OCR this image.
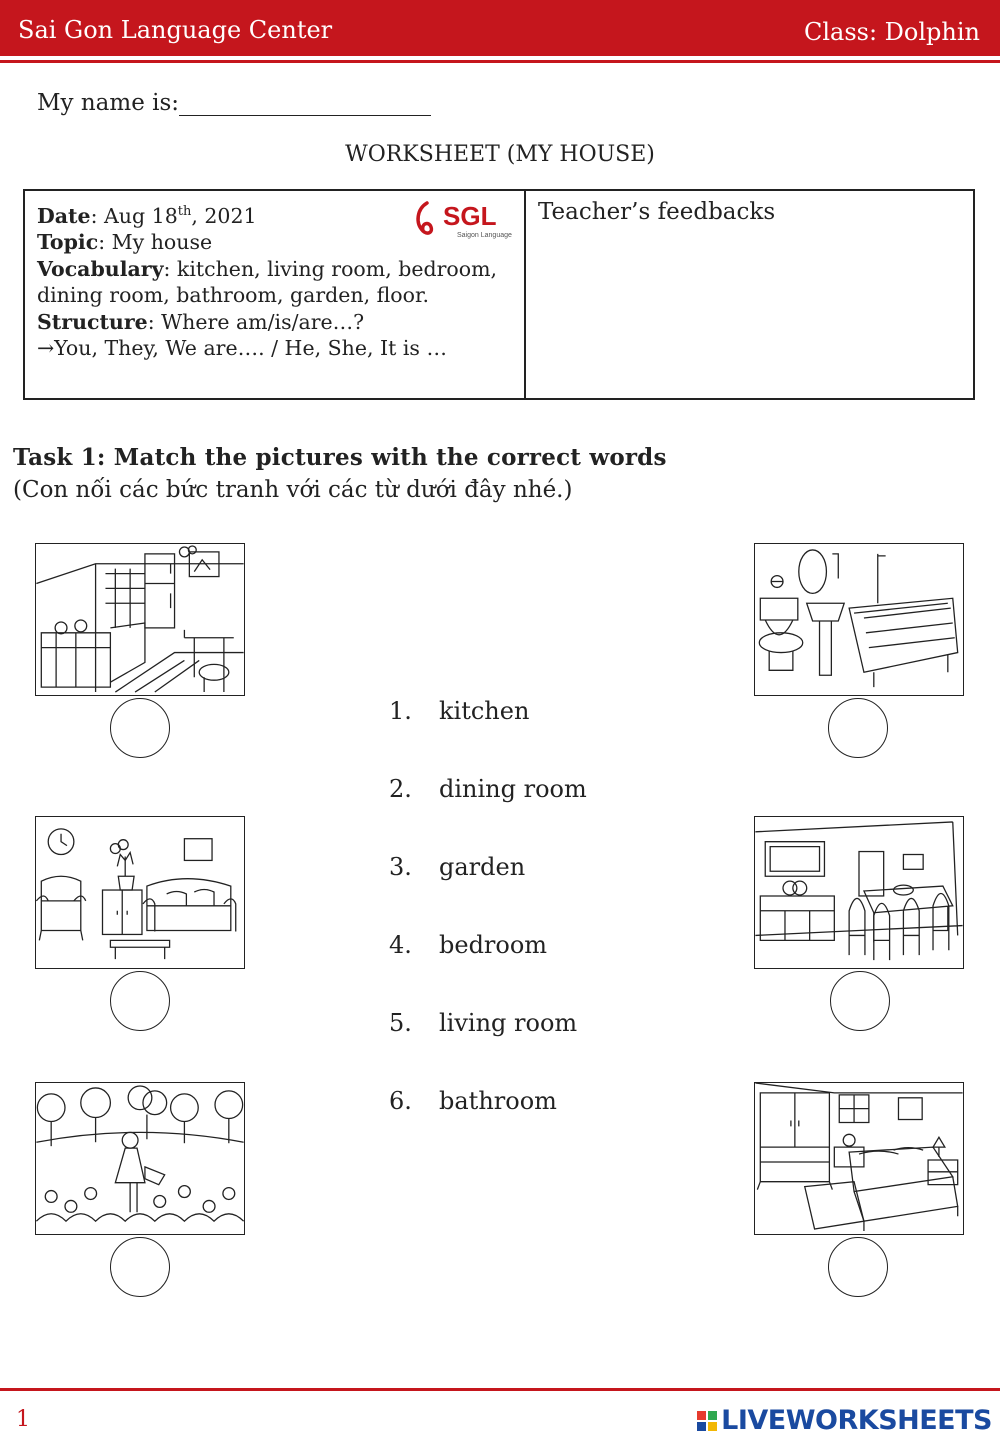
Sai Gon Language Center	Class: Dolphin
My name is:
WORKSHEET (MY HOUSE)
Date: Aug 18th, 2021
Topic: My house
Vocabulary: kitchen, living room, bedroom, dining room, bathroom, garden, floor.
Structure: Where am/is/are…?
→You, They, We are…. / He, She, It is …
SGL
Saigon Language
Teacher’s feedbacks
Task 1: Match the pictures with the correct words
(Con nối các bức tranh với các từ dưới đây nhé.)
1.	kitchen
2.	dining room
3.	garden
4.	bedroom
5.	living room
6.	bathroom
1	LIVEWORKSHEETS
